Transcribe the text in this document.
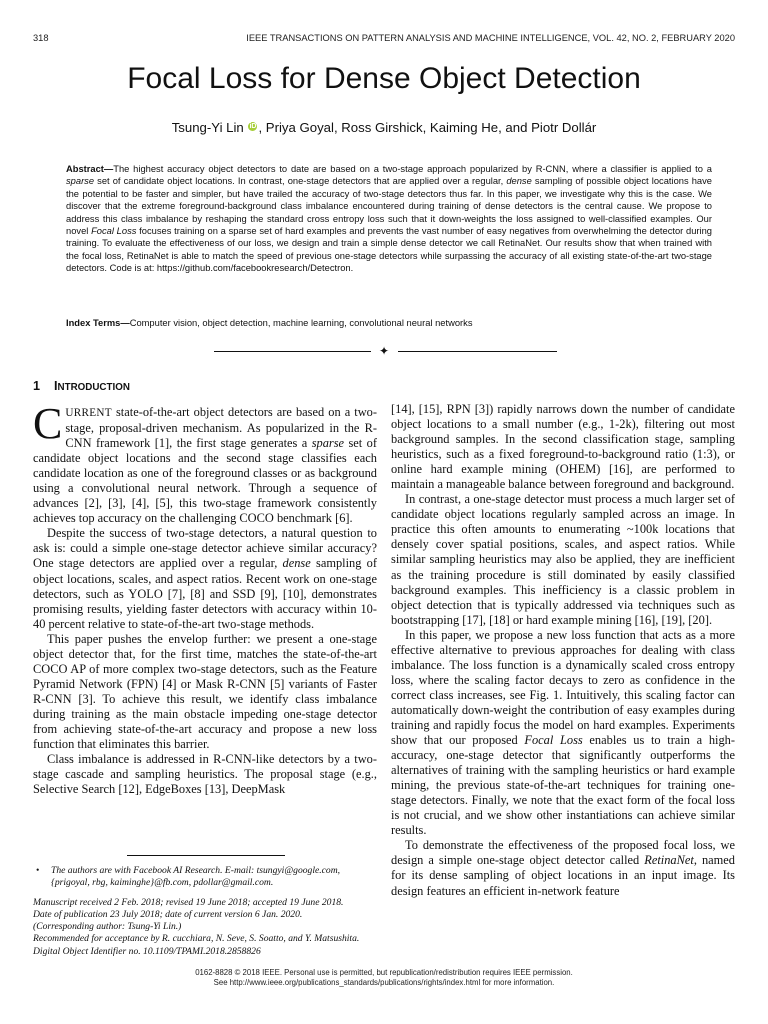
318	IEEE TRANSACTIONS ON PATTERN ANALYSIS AND MACHINE INTELLIGENCE, VOL. 42, NO. 2, FEBRUARY 2020
Focal Loss for Dense Object Detection
Tsung-Yi Lin iD , Priya Goyal, Ross Girshick, Kaiming He, and Piotr Dollár
Abstract—The highest accuracy object detectors to date are based on a two-stage approach popularized by R-CNN, where a classifier is applied to a sparse set of candidate object locations. In contrast, one-stage detectors that are applied over a regular, dense sampling of possible object locations have the potential to be faster and simpler, but have trailed the accuracy of two-stage detectors thus far. In this paper, we investigate why this is the case. We discover that the extreme foreground-background class imbalance encountered during training of dense detectors is the central cause. We propose to address this class imbalance by reshaping the standard cross entropy loss such that it down-weights the loss assigned to well-classified examples. Our novel Focal Loss focuses training on a sparse set of hard examples and prevents the vast number of easy negatives from overwhelming the detector during training. To evaluate the effectiveness of our loss, we design and train a simple dense detector we call RetinaNet. Our results show that when trained with the focal loss, RetinaNet is able to match the speed of previous one-stage detectors while surpassing the accuracy of all existing state-of-the-art two-stage detectors. Code is at: https://github.com/facebookresearch/Detectron.
Index Terms—Computer vision, object detection, machine learning, convolutional neural networks
✦
1 INTRODUCTION

CURRENT state-of-the-art object detectors are based on a two-stage, proposal-driven mechanism. As popularized in the R-CNN framework [1], the first stage generates a sparse set of candidate object locations and the second stage classifies each candidate location as one of the foreground classes or as background using a convolutional neural network. Through a sequence of advances [2], [3], [4], [5], this two-stage framework consistently achieves top accuracy on the challenging COCO benchmark [6].

Despite the success of two-stage detectors, a natural question to ask is: could a simple one-stage detector achieve similar accuracy? One stage detectors are applied over a regular, dense sampling of object locations, scales, and aspect ratios. Recent work on one-stage detectors, such as YOLO [7], [8] and SSD [9], [10], demonstrates promising results, yielding faster detectors with accuracy within 10-40 percent relative to state-of-the-art two-stage methods.

This paper pushes the envelop further: we present a one-stage object detector that, for the first time, matches the state-of-the-art COCO AP of more complex two-stage detectors, such as the Feature Pyramid Network (FPN) [4] or Mask R-CNN [5] variants of Faster R-CNN [3]. To achieve this result, we identify class imbalance during training as the main obstacle impeding one-stage detector from achieving state-of-the-art accuracy and propose a new loss function that eliminates this barrier.

Class imbalance is addressed in R-CNN-like detectors by a two-stage cascade and sampling heuristics. The proposal stage (e.g., Selective Search [12], EdgeBoxes [13], DeepMask

• The authors are with Facebook AI Research. E-mail: tsungyi@google.com, {prigoyal, rbg, kaiminghe}@fb.com, pdollar@gmail.com.

Manuscript received 2 Feb. 2018; revised 19 June 2018; accepted 19 June 2018.

Date of publication 23 July 2018; date of current version 6 Jan. 2020.

(Corresponding author: Tsung-Yi Lin.)

Recommended for acceptance by R. cucchiara, N. Seve, S. Soatto, and Y. Matsushita.

Digital Object Identifier no. 10.1109/TPAMI.2018.2858826

[14], [15], RPN [3]) rapidly narrows down the number of candidate object locations to a small number (e.g., 1-2k), filtering out most background samples. In the second classification stage, sampling heuristics, such as a fixed foreground-to-background ratio (1:3), or online hard example mining (OHEM) [16], are performed to maintain a manageable balance between foreground and background.

In contrast, a one-stage detector must process a much larger set of candidate object locations regularly sampled across an image. In practice this often amounts to enumerating ~100k locations that densely cover spatial positions, scales, and aspect ratios. While similar sampling heuristics may also be applied, they are inefficient as the training procedure is still dominated by easily classified background examples. This inefficiency is a classic problem in object detection that is typically addressed via techniques such as bootstrapping [17], [18] or hard example mining [16], [19], [20].

In this paper, we propose a new loss function that acts as a more effective alternative to previous approaches for dealing with class imbalance. The loss function is a dynamically scaled cross entropy loss, where the scaling factor decays to zero as confidence in the correct class increases, see Fig. 1. Intuitively, this scaling factor can automatically down-weight the contribution of easy examples during training and rapidly focus the model on hard examples. Experiments show that our proposed Focal Loss enables us to train a high-accuracy, one-stage detector that significantly outperforms the alternatives of training with the sampling heuristics or hard example mining, the previous state-of-the-art techniques for training one-stage detectors. Finally, we note that the exact form of the focal loss is not crucial, and we show other instantiations can achieve similar results.

To demonstrate the effectiveness of the proposed focal loss, we design a simple one-stage object detector called RetinaNet, named for its dense sampling of object locations in an input image. Its design features an efficient in-network feature

0162-8828 © 2018 IEEE. Personal use is permitted, but republication/redistribution requires IEEE permission.
See http://www.ieee.org/publications_standards/publications/rights/index.html for more information.
